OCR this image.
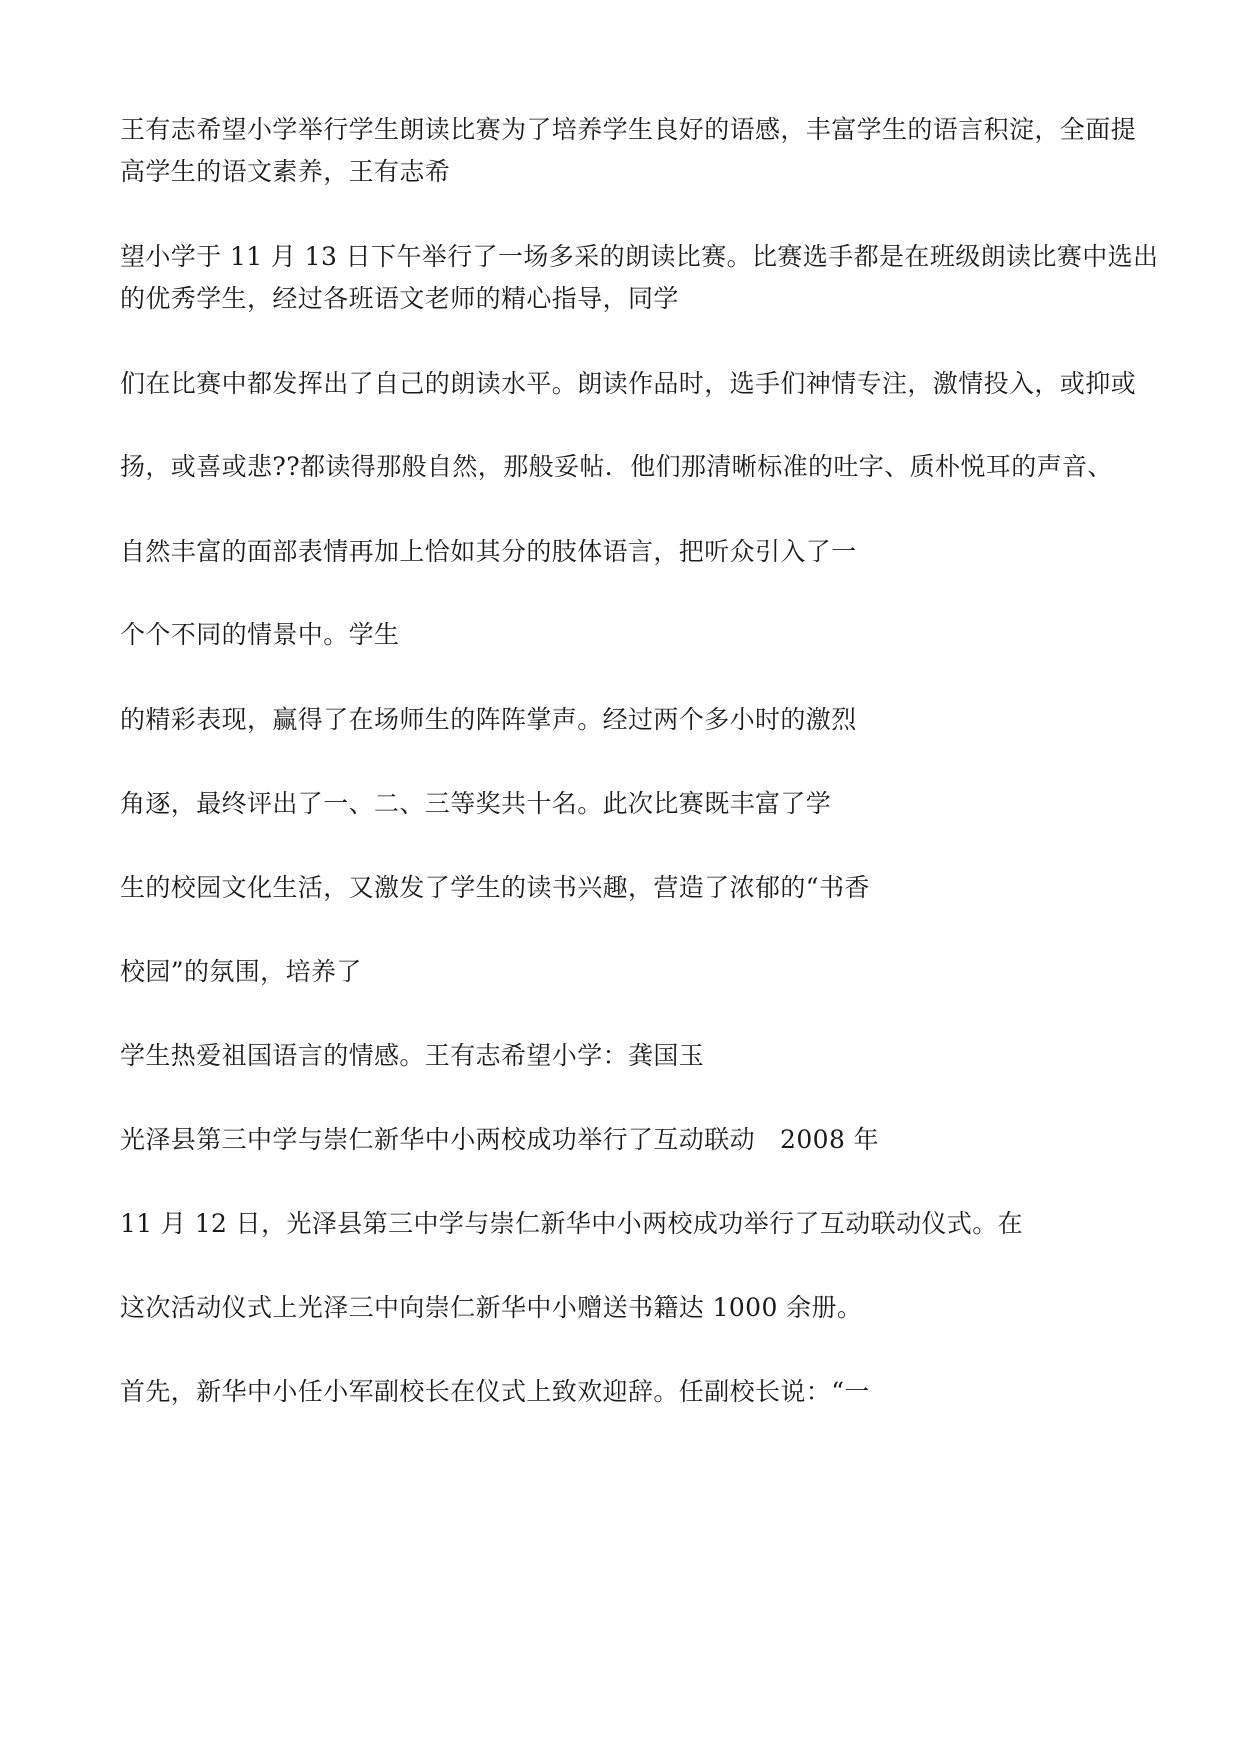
王有志希望小学举行学生朗读比赛为了培养学生良好的语感，丰富学生的语言积淀，全面提

高学生的语文素养，王有志希

望小学于 11 月 13 日下午举行了一场多采的朗读比赛。比赛选手都是在班级朗读比赛中选出

的优秀学生，经过各班语文老师的精心指导，同学

们在比赛中都发挥出了自己的朗读水平。朗读作品时，选手们神情专注，激情投入，或抑或

扬，或喜或悲??都读得那般自然，那般妥帖．他们那清晰标准的吐字、质朴悦耳的声音、

自然丰富的面部表情再加上恰如其分的肢体语言，把听众引入了一

个个不同的情景中。学生

的精彩表现，赢得了在场师生的阵阵掌声。经过两个多小时的激烈

角逐，最终评出了一、二、三等奖共十名。此次比赛既丰富了学

生的校园文化生活，又激发了学生的读书兴趣，营造了浓郁的“书香

校园”的氛围，培养了

学生热爱祖国语言的情感。王有志希望小学：龚国玉

光泽县第三中学与崇仁新华中小两校成功举行了互动联动   2008 年

11 月 12 日，光泽县第三中学与崇仁新华中小两校成功举行了互动联动仪式。在

这次活动仪式上光泽三中向崇仁新华中小赠送书籍达 1000 余册。

首先，新华中小任小军副校长在仪式上致欢迎辞。任副校长说：“一
